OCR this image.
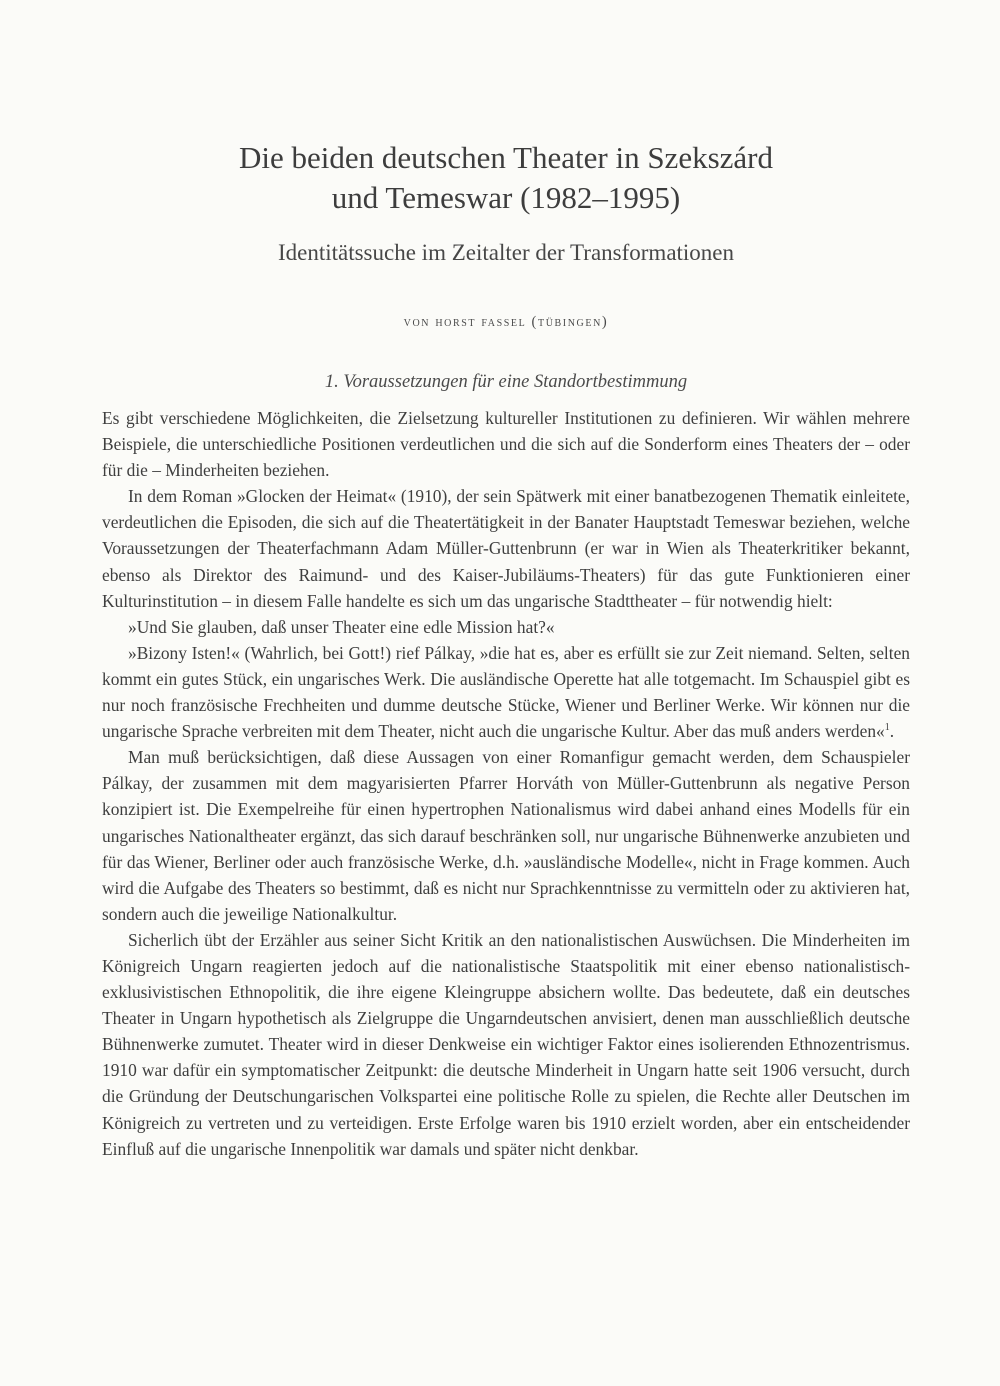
Die beiden deutschen Theater in Szekszárd
und Temeswar (1982–1995)
Identitätssuche im Zeitalter der Transformationen
von horst fassel (tübingen)
1. Voraussetzungen für eine Standortbestimmung

Es gibt verschiedene Möglichkeiten, die Zielsetzung kultureller Institutionen zu definieren. Wir wählen mehrere Beispiele, die unterschiedliche Positionen verdeutlichen und die sich auf die Sonderform eines Theaters der – oder für die – Minderheiten beziehen.

In dem Roman »Glocken der Heimat« (1910), der sein Spätwerk mit einer banatbezogenen Thematik einleitete, verdeutlichen die Episoden, die sich auf die Theatertätigkeit in der Banater Hauptstadt Temeswar beziehen, welche Voraussetzungen der Theaterfachmann Adam Müller-Guttenbrunn (er war in Wien als Theaterkritiker bekannt, ebenso als Direktor des Raimund- und des Kaiser-Jubiläums-Theaters) für das gute Funktionieren einer Kulturinstitution – in diesem Falle handelte es sich um das ungarische Stadttheater – für notwendig hielt:

»Und Sie glauben, daß unser Theater eine edle Mission hat?«

»Bizony Isten!« (Wahrlich, bei Gott!) rief Pálkay, »die hat es, aber es erfüllt sie zur Zeit niemand. Selten, selten kommt ein gutes Stück, ein ungarisches Werk. Die ausländische Operette hat alle totgemacht. Im Schauspiel gibt es nur noch französische Frechheiten und dumme deutsche Stücke, Wiener und Berliner Werke. Wir können nur die ungarische Sprache verbreiten mit dem Theater, nicht auch die ungarische Kultur. Aber das muß anders werden«$^1$.

Man muß berücksichtigen, daß diese Aussagen von einer Romanfigur gemacht werden, dem Schauspieler Pálkay, der zusammen mit dem magyarisierten Pfarrer Horváth von Müller-Guttenbrunn als negative Person konzipiert ist. Die Exempelreihe für einen hypertrophen Nationalismus wird dabei anhand eines Modells für ein ungarisches Nationaltheater ergänzt, das sich darauf beschränken soll, nur ungarische Bühnenwerke anzubieten und für das Wiener, Berliner oder auch französische Werke, d.h. »ausländische Modelle«, nicht in Frage kommen. Auch wird die Aufgabe des Theaters so bestimmt, daß es nicht nur Sprachkenntnisse zu vermitteln oder zu aktivieren hat, sondern auch die jeweilige Nationalkultur.

Sicherlich übt der Erzähler aus seiner Sicht Kritik an den nationalistischen Auswüchsen. Die Minderheiten im Königreich Ungarn reagierten jedoch auf die nationalistische Staatspolitik mit einer ebenso nationalistisch-exklusivistischen Ethnopolitik, die ihre eigene Kleingruppe absichern wollte. Das bedeutete, daß ein deutsches Theater in Ungarn hypothetisch als Zielgruppe die Ungarndeutschen anvisiert, denen man ausschließlich deutsche Bühnenwerke zumutet. Theater wird in dieser Denkweise ein wichtiger Faktor eines isolierenden Ethnozentrismus. 1910 war dafür ein symptomatischer Zeitpunkt: die deutsche Minderheit in Ungarn hatte seit 1906 versucht, durch die Gründung der Deutschungarischen Volkspartei eine politische Rolle zu spielen, die Rechte aller Deutschen im Königreich zu vertreten und zu verteidigen. Erste Erfolge waren bis 1910 erzielt worden, aber ein entscheidender Einfluß auf die ungarische Innenpolitik war damals und später nicht denkbar.
